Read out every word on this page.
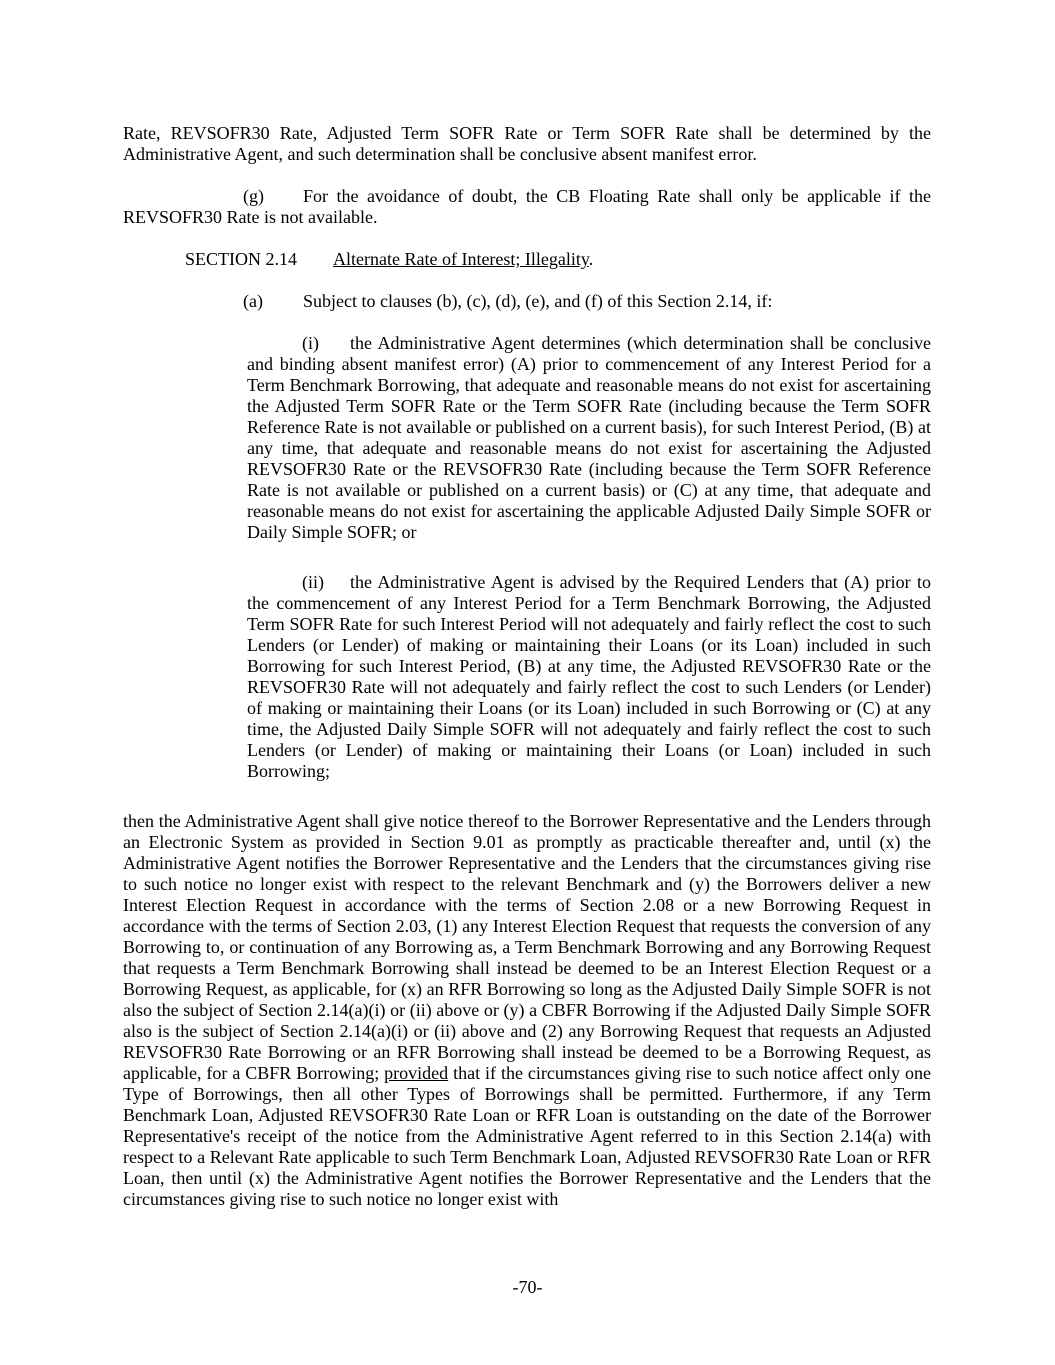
Rate, REVSOFR30 Rate, Adjusted Term SOFR Rate or Term SOFR Rate shall be determined by the Administrative Agent, and such determination shall be conclusive absent manifest error.

(g) For the avoidance of doubt, the CB Floating Rate shall only be applicable if the REVSOFR30 Rate is not available.

SECTION 2.14 Alternate Rate of Interest; Illegality.

(a) Subject to clauses (b), (c), (d), (e), and (f) of this Section 2.14, if:

(i) the Administrative Agent determines (which determination shall be conclusive and binding absent manifest error) (A) prior to commencement of any Interest Period for a Term Benchmark Borrowing, that adequate and reasonable means do not exist for ascertaining the Adjusted Term SOFR Rate or the Term SOFR Rate (including because the Term SOFR Reference Rate is not available or published on a current basis), for such Interest Period, (B) at any time, that adequate and reasonable means do not exist for ascertaining the Adjusted REVSOFR30 Rate or the REVSOFR30 Rate (including because the Term SOFR Reference Rate is not available or published on a current basis) or (C) at any time, that adequate and reasonable means do not exist for ascertaining the applicable Adjusted Daily Simple SOFR or Daily Simple SOFR; or

(ii) the Administrative Agent is advised by the Required Lenders that (A) prior to the commencement of any Interest Period for a Term Benchmark Borrowing, the Adjusted Term SOFR Rate for such Interest Period will not adequately and fairly reflect the cost to such Lenders (or Lender) of making or maintaining their Loans (or its Loan) included in such Borrowing for such Interest Period, (B) at any time, the Adjusted REVSOFR30 Rate or the REVSOFR30 Rate will not adequately and fairly reflect the cost to such Lenders (or Lender) of making or maintaining their Loans (or its Loan) included in such Borrowing or (C) at any time, the Adjusted Daily Simple SOFR will not adequately and fairly reflect the cost to such Lenders (or Lender) of making or maintaining their Loans (or Loan) included in such Borrowing;

then the Administrative Agent shall give notice thereof to the Borrower Representative and the Lenders through an Electronic System as provided in Section 9.01 as promptly as practicable thereafter and, until (x) the Administrative Agent notifies the Borrower Representative and the Lenders that the circumstances giving rise to such notice no longer exist with respect to the relevant Benchmark and (y) the Borrowers deliver a new Interest Election Request in accordance with the terms of Section 2.08 or a new Borrowing Request in accordance with the terms of Section 2.03, (1) any Interest Election Request that requests the conversion of any Borrowing to, or continuation of any Borrowing as, a Term Benchmark Borrowing and any Borrowing Request that requests a Term Benchmark Borrowing shall instead be deemed to be an Interest Election Request or a Borrowing Request, as applicable, for (x) an RFR Borrowing so long as the Adjusted Daily Simple SOFR is not also the subject of Section 2.14(a)(i) or (ii) above or (y) a CBFR Borrowing if the Adjusted Daily Simple SOFR also is the subject of Section 2.14(a)(i) or (ii) above and (2) any Borrowing Request that requests an Adjusted REVSOFR30 Rate Borrowing or an RFR Borrowing shall instead be deemed to be a Borrowing Request, as applicable, for a CBFR Borrowing; provided that if the circumstances giving rise to such notice affect only one Type of Borrowings, then all other Types of Borrowings shall be permitted. Furthermore, if any Term Benchmark Loan, Adjusted REVSOFR30 Rate Loan or RFR Loan is outstanding on the date of the Borrower Representative's receipt of the notice from the Administrative Agent referred to in this Section 2.14(a) with respect to a Relevant Rate applicable to such Term Benchmark Loan, Adjusted REVSOFR30 Rate Loan or RFR Loan, then until (x) the Administrative Agent notifies the Borrower Representative and the Lenders that the circumstances giving rise to such notice no longer exist with

-70-
